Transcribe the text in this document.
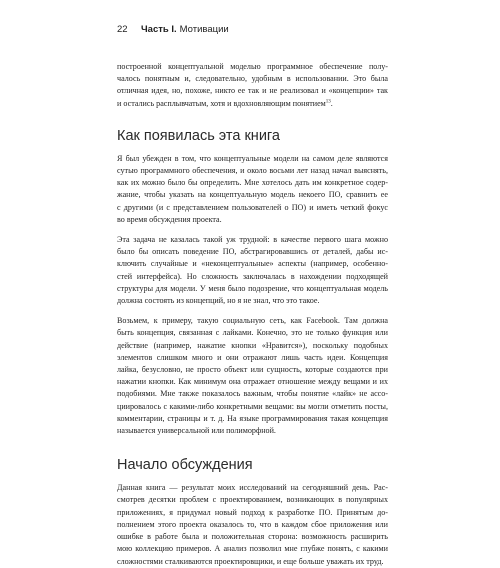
22	Часть I. Мотивации

построенной концептуальной моделью программное обеспечение полу-
чалось понятным и, следовательно, удобным в использовании. Это была
отличная идея, но, похоже, никто ее так и не реализовал и «концепции» так
и остались расплывчатым, хотя и вдохновляющим понятием$^{13}$.

Как появилась эта книга

Я был убежден в том, что концептуальные модели на самом деле являются
сутью программного обеспечения, и около восьми лет назад начал выяснять,
как их можно было бы определить. Мне хотелось дать им конкретное содер-
жание, чтобы указать на концептуальную модель некоего ПО, сравнить ее
с другими (и с представлением пользователей о ПО) и иметь четкий фокус
во время обсуждения проекта.

Эта задача не казалась такой уж трудной: в качестве первого шага можно
было бы описать поведение ПО, абстрагировавшись от деталей, дабы ис-
ключить случайные и «неконцептуальные» аспекты (например, особенно-
стей интерфейса). Но сложность заключалась в нахождении подходящей
структуры для модели. У меня было подозрение, что концептуальная модель
должна состоять из концепций, но я не знал, что это такое.

Возьмем, к примеру, такую социальную сеть, как Facebook. Там должна
быть концепция, связанная с лайками. Конечно, это не только функция или
действие (например, нажатие кнопки «Нравится»), поскольку подобных
элементов слишком много и они отражают лишь часть идеи. Концепция
лайка, безусловно, не просто объект или сущность, которые создаются при
нажатии кнопки. Как минимум она отражает отношение между вещами и их
подобиями. Мне также показалось важным, чтобы понятие «лайк» не ассо-
циировалось с какими-либо конкретными вещами: вы могли отметить посты,
комментарии, страницы и т. д. На языке программирования такая концепция
называется универсальной или полиморфной.

Начало обсуждения

Данная книга — результат моих исследований на сегодняшний день. Рас-
смотрев десятки проблем с проектированием, возникающих в популярных
приложениях, я придумал новый подход к разработке ПО. Принятым до-
полнением этого проекта оказалось то, что в каждом сбое приложения или
ошибке в работе была и положительная сторона: возможность расширить
мою коллекцию примеров. А анализ позволил мне глубже понять, с какими
сложностями сталкиваются проектировщики, и еще больше уважать их труд.
